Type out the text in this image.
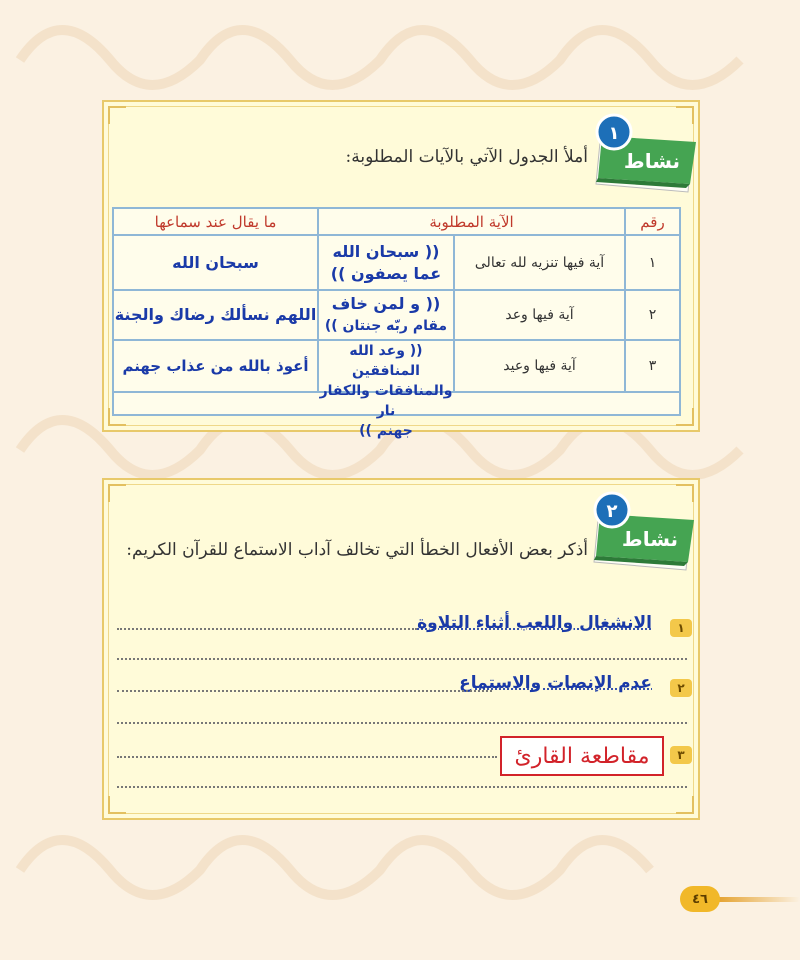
١
نشاط
أملأ الجدول الآتي بالآيات المطلوبة:
رقم
الآية المطلوبة
ما يقال عند سماعها
١
آية فيها تنزيه لله تعالى
(( سبحان الله
عما يصفون ))
سبحان الله
٢
آية فيها وعد
(( و لمن خاف
مقام ربّه جنتان ))
اللهم نسألك رضاك والجنة
٣
آية فيها وعيد
(( وعد الله المنافقين
والمنافقات والكفار نار
جهنم ))
أعوذ بالله من عذاب جهنم
٢
نشاط
أذكر بعض الأفعال الخطأ التي تخالف آداب الاستماع للقرآن الكريم:
١
الانشغال واللعب أثناء التلاوة
٢
عدم الإنصات والاستماع
٣
مقاطعة القارئ
٤٦
